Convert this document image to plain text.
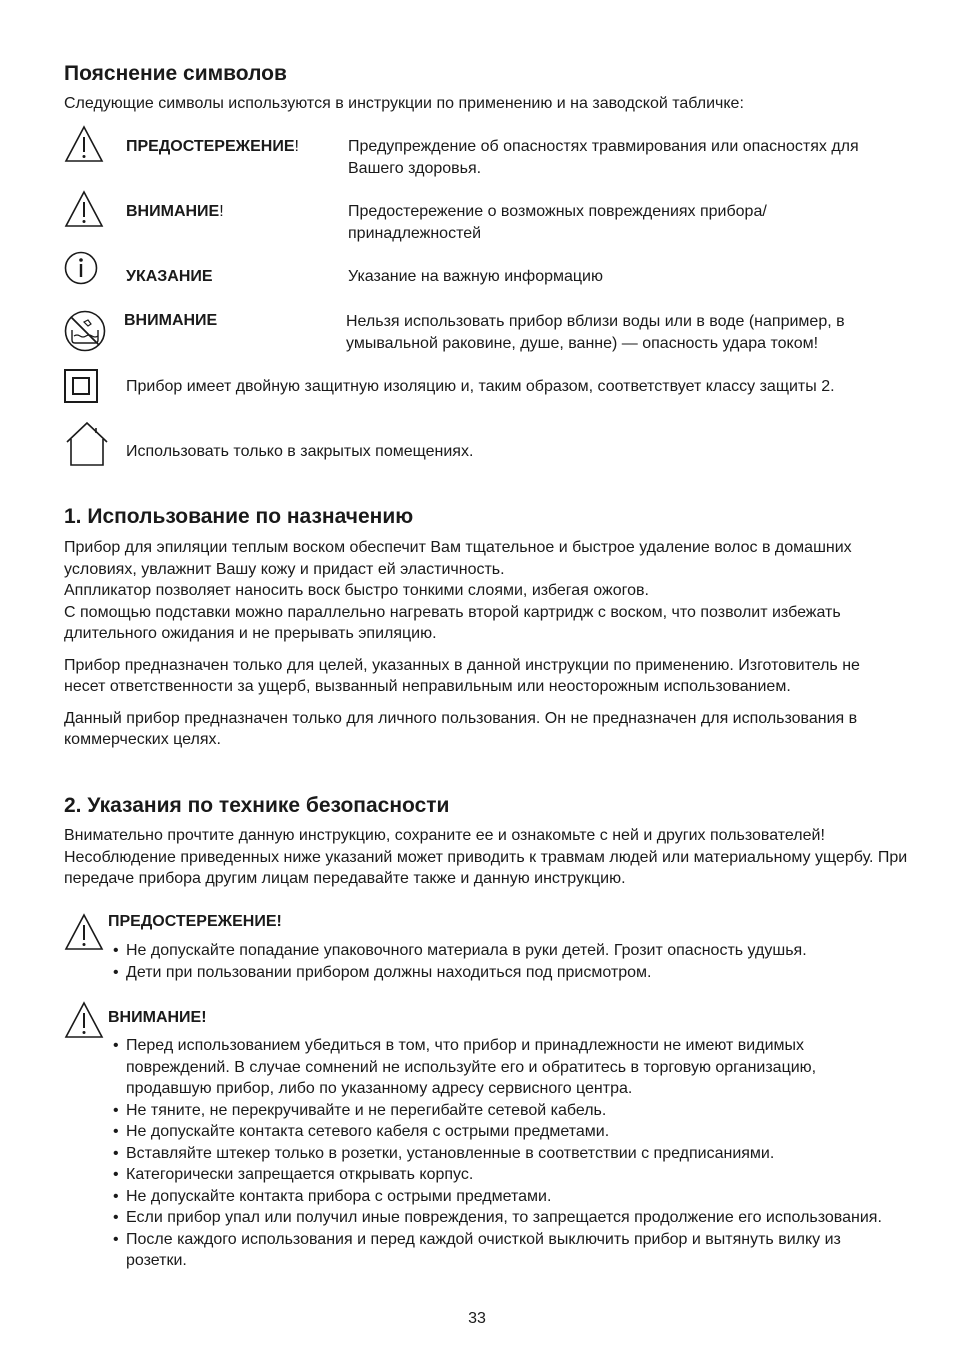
Пояснение символов
Следующие символы используются в инструкции по применению и на заводской табличке:
ПРЕДОСТЕРЕЖЕНИЕ!	Предупреждение об опасностях травмирования или опасностях для Вашего здоровья.
ВНИМАНИЕ!	Предостережение о возможных повреждениях прибора/принадлежностей
УКАЗАНИЕ	Указание на важную информацию
ВНИМАНИЕ	Нельзя использовать прибор вблизи воды или в воде (например, в умывальной раковине, душе, ванне) — опасность удара током!
Прибор имеет двойную защитную изоляцию и, таким образом, соответствует классу защиты 2.
Использовать только в закрытых помещениях.
1. Использование по назначению

Прибор для эпиляции теплым воском обеспечит Вам тщательное и быстрое удаление волос в домашних условиях, увлажнит Вашу кожу и придаст ей эластичность.

Аппликатор позволяет наносить воск быстро тонкими слоями, избегая ожогов.

С помощью подставки можно параллельно нагревать второй картридж с воском, что позволит избежать длительного ожидания и не прерывать эпиляцию.

Прибор предназначен только для целей, указанных в данной инструкции по применению. Изготовитель не несет ответственности за ущерб, вызванный неправильным или неосторожным использованием.

Данный прибор предназначен только для личного пользования. Он не предназначен для использования в коммерческих целях.

2. Указания по технике безопасности
Внимательно прочтите данную инструкцию, сохраните ее и ознакомьте с ней и других пользователей! Несоблюдение приведенных ниже указаний может приводить к травмам людей или материальному ущербу. При передаче прибора другим лицам передавайте также и данную инструкцию.
ПРЕДОСТЕРЕЖЕНИЕ!
• Не допускайте попадание упаковочного материала в руки детей. Грозит опасность удушья.
• Дети при пользовании прибором должны находиться под присмотром.
ВНИМАНИЕ!
• Перед использованием убедиться в том, что прибор и принадлежности не имеют видимых повреждений. В случае сомнений не используйте его и обратитесь в торговую организацию, продавшую прибор, либо по указанному адресу сервисного центра.
• Не тяните, не перекручивайте и не перегибайте сетевой кабель.
• Не допускайте контакта сетевого кабеля с острыми предметами.
• Вставляйте штекер только в розетки, установленные в соответствии с предписаниями.
• Категорически запрещается открывать корпус.
• Не допускайте контакта прибора с острыми предметами.
• Если прибор упал или получил иные повреждения, то запрещается продолжение его использования.
• После каждого использования и перед каждой очисткой выключить прибор и вытянуть вилку из розетки.
33
